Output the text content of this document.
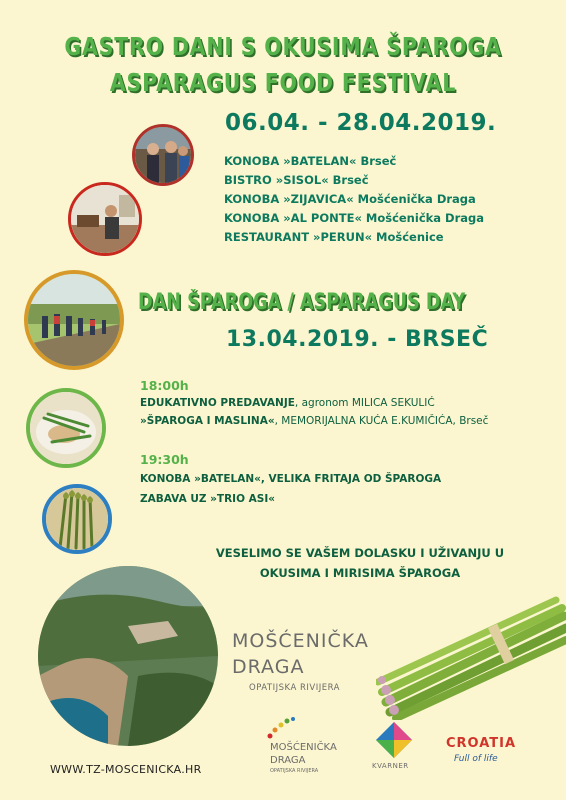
GASTRO DANI S OKUSIMA ŠPAROGA
ASPARAGUS FOOD FESTIVAL
06.04. - 28.04.2019.
KONOBA »BATELAN« Brseč
BISTRO »SISOL« Brseč
KONOBA »ZIJAVICA« Mošćenička Draga
KONOBA »AL PONTE« Mošćenička Draga
RESTAURANT »PERUN« Mošćenice
DAN ŠPAROGA / ASPARAGUS DAY
13.04.2019. - BRSEČ
18:00h
EDUKATIVNO PREDAVANJE, agronom MILICA SEKULIĆ
»ŠPAROGA I MASLINA«, MEMORIJALNA KUĆA E.KUMIČIĆA, Brseč
19:30h
KONOBA »BATELAN«, VELIKA FRITAJA OD ŠPAROGA
ZABAVA UZ »TRIO ASI«
VESELIMO SE VAŠEM DOLASKU I UŽIVANJU U
OKUSIMA I MIRISIMA ŠPAROGA
MOŠĆENIČKA
DRAGA
OPATIJSKA RIVIJERA
MOŠĆENIČKA
DRAGA
OPATIJSKA RIVIJERA
KVARNER
CROATIA
Full of life
WWW.TZ-MOSCENICKA.HR
